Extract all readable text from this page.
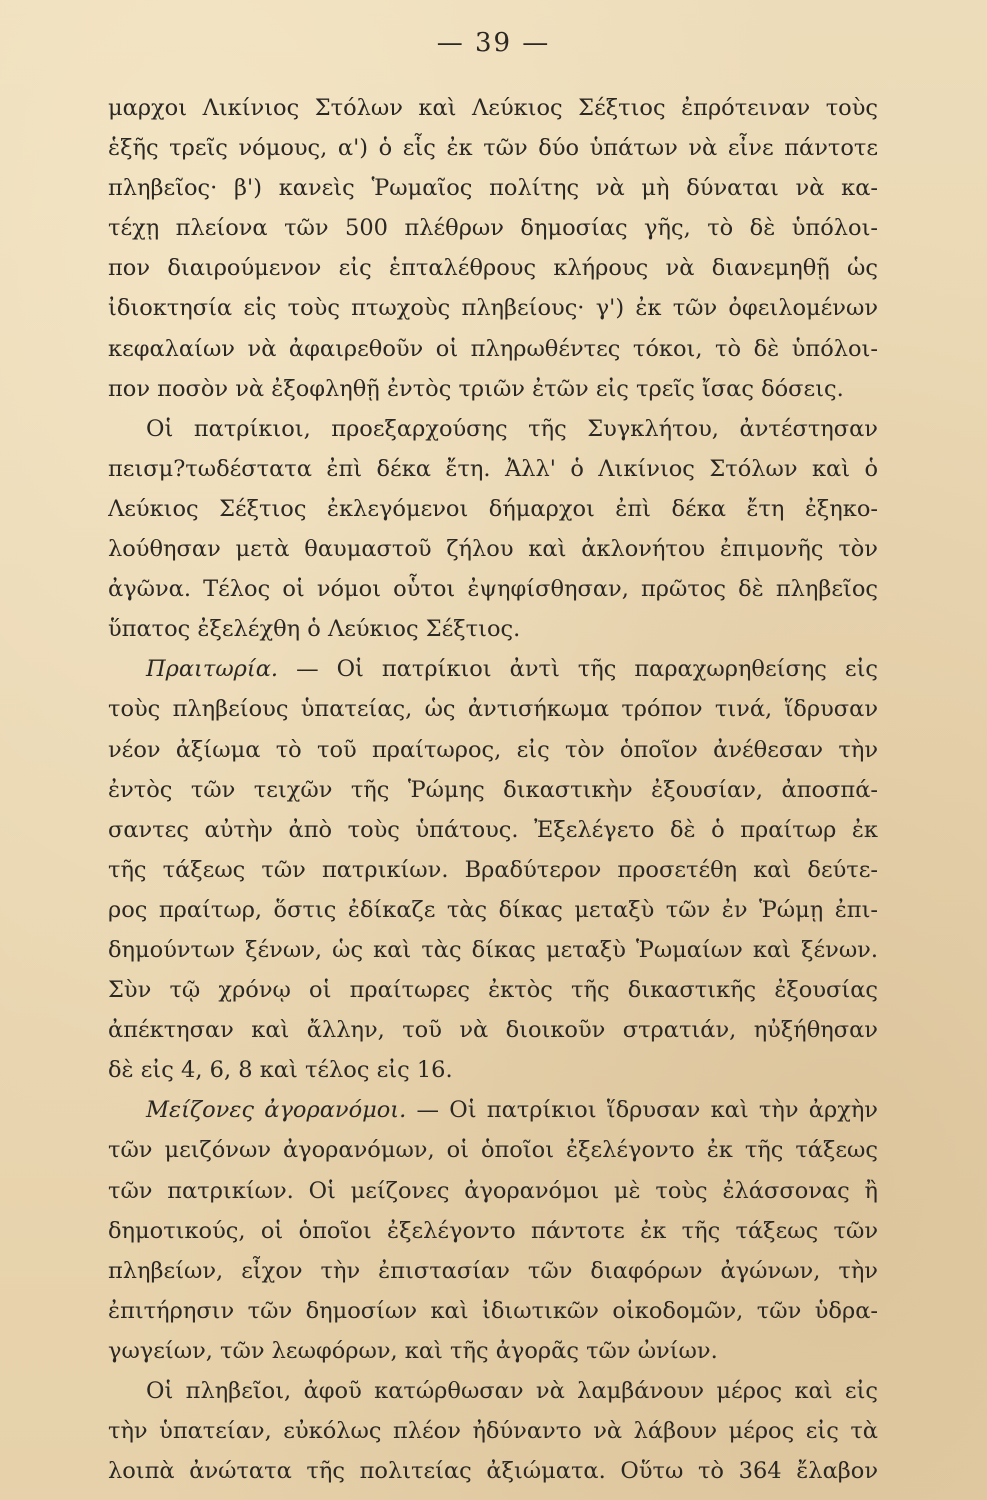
— 39 —
μαρχοι Λικίνιος Στόλων καὶ Λεύκιος Σέξτιος ἐπρότειναν τοὺς
ἑξῆς τρεῖς νόμους, α') ὁ εἷς ἐκ τῶν δύο ὑπάτων νὰ εἶνε πάντοτε
πληβεῖος· β') κανεὶς Ῥωμαῖος πολίτης νὰ μὴ δύναται νὰ κα-
τέχῃ πλείονα τῶν 500 πλέθρων δημοσίας γῆς, τὸ δὲ ὑπόλοι-
πον διαιρούμενον εἰς ἑπταλέθρους κλήρους νὰ διανεμηθῇ ὡς
ἰδιοκτησία εἰς τοὺς πτωχοὺς πληβείους· γ') ἐκ τῶν ὀφειλομένων
κεφαλαίων νὰ ἀφαιρεθοῦν οἱ πληρωθέντες τόκοι, τὸ δὲ ὑπόλοι-
πον ποσὸν νὰ ἐξοφληθῇ ἐντὸς τριῶν ἐτῶν εἰς τρεῖς ἴσας δόσεις.
Οἱ πατρίκιοι, προεξαρχούσης τῆς Συγκλήτου, ἀντέστησαν
πεισμ?τωδέστατα ἐπὶ δέκα ἔτη. Ἀλλ' ὁ Λικίνιος Στόλων καὶ ὁ
Λεύκιος Σέξτιος ἐκλεγόμενοι δήμαρχοι ἐπὶ δέκα ἔτη ἐξηκο-
λούθησαν μετὰ θαυμαστοῦ ζήλου καὶ ἀκλονήτου ἐπιμονῆς τὸν
ἀγῶνα. Τέλος οἱ νόμοι οὗτοι ἐψηφίσθησαν, πρῶτος δὲ πληβεῖος
ὕπατος ἐξελέχθη ὁ Λεύκιος Σέξτιος.
Πραιτωρία. — Οἱ πατρίκιοι ἀντὶ τῆς παραχωρηθείσης εἰς
τοὺς πληβείους ὑπατείας, ὡς ἀντισήκωμα τρόπον τινά, ἵδρυσαν
νέον ἀξίωμα τὸ τοῦ πραίτωρος, εἰς τὸν ὁποῖον ἀνέθεσαν τὴν
ἐντὸς τῶν τειχῶν τῆς Ῥώμης δικαστικὴν ἐξουσίαν, ἀποσπά-
σαντες αὐτὴν ἀπὸ τοὺς ὑπάτους. Ἐξελέγετο δὲ ὁ πραίτωρ ἐκ
τῆς τάξεως τῶν πατρικίων. Βραδύτερον προσετέθη καὶ δεύτε-
ρος πραίτωρ, ὅστις ἐδίκαζε τὰς δίκας μεταξὺ τῶν ἐν Ῥώμῃ ἐπι-
δημούντων ξένων, ὡς καὶ τὰς δίκας μεταξὺ Ῥωμαίων καὶ ξένων.
Σὺν τῷ χρόνῳ οἱ πραίτωρες ἐκτὸς τῆς δικαστικῆς ἐξουσίας
ἀπέκτησαν καὶ ἄλλην, τοῦ νὰ διοικοῦν στρατιάν, ηὐξήθησαν
δὲ εἰς 4, 6, 8 καὶ τέλος εἰς 16.
Μείζονες ἀγορανόμοι. — Οἱ πατρίκιοι ἵδρυσαν καὶ τὴν ἀρχὴν
τῶν μειζόνων ἀγορανόμων, οἱ ὁποῖοι ἐξελέγοντο ἐκ τῆς τάξεως
τῶν πατρικίων. Οἱ μείζονες ἀγορανόμοι μὲ τοὺς ἐλάσσονας ἢ
δημοτικούς, οἱ ὁποῖοι ἐξελέγοντο πάντοτε ἐκ τῆς τάξεως τῶν
πληβείων, εἶχον τὴν ἐπιστασίαν τῶν διαφόρων ἀγώνων, τὴν
ἐπιτήρησιν τῶν δημοσίων καὶ ἰδιωτικῶν οἰκοδομῶν, τῶν ὑδρα-
γωγείων, τῶν λεωφόρων, καὶ τῆς ἀγορᾶς τῶν ὠνίων.
Οἱ πληβεῖοι, ἀφοῦ κατώρθωσαν νὰ λαμβάνουν μέρος καὶ εἰς
τὴν ὑπατείαν, εὐκόλως πλέον ἠδύναντο νὰ λάβουν μέρος εἰς τὰ
λοιπὰ ἀνώτατα τῆς πολιτείας ἀξιώματα. Οὕτω τὸ 364 ἔλαβον
